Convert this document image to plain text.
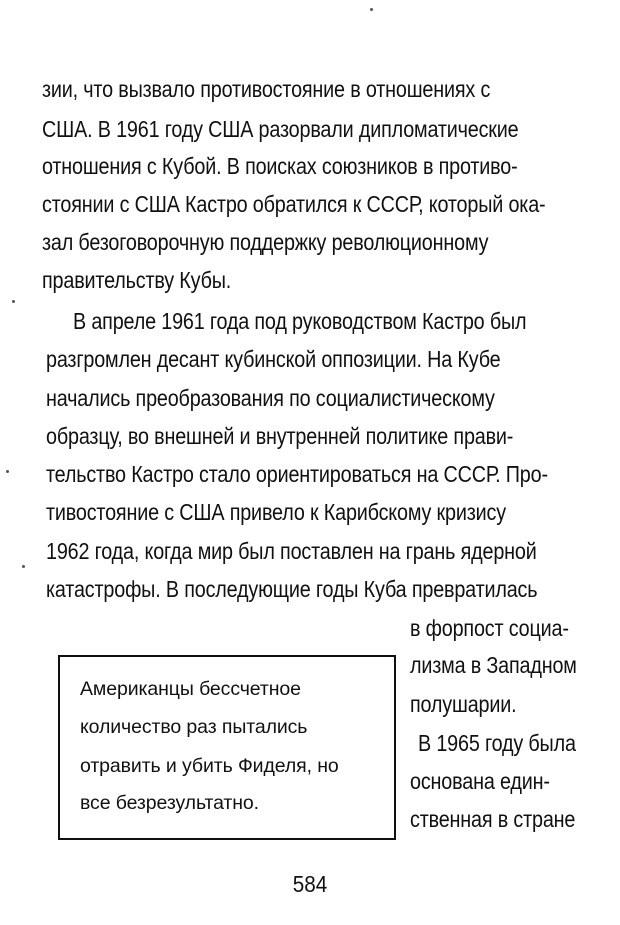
зии, что вызвало противостояние в отношениях с
США. В 1961 году США разорвали дипломатические
отношения с Кубой. В поисках союзников в противо-
стоянии с США Кастро обратился к СССР, который ока-
зал безоговорочную поддержку революционному
правительству Кубы.
В апреле 1961 года под руководством Кастро был
разгромлен десант кубинской оппозиции. На Кубе
начались преобразования по социалистическому
образцу, во внешней и внутренней политике прави-
тельство Кастро стало ориентироваться на СССР. Про-
тивостояние с США привело к Карибскому кризису
1962 года, когда мир был поставлен на грань ядерной
катастрофы. В последующие годы Куба превратилась
в форпост социа-
лизма в Западном
полушарии.
В 1965 году была
основана един-
ственная в стране
Американцы бессчетное
количество раз пытались
отравить и убить Фиделя, но
все безрезультатно.
584
